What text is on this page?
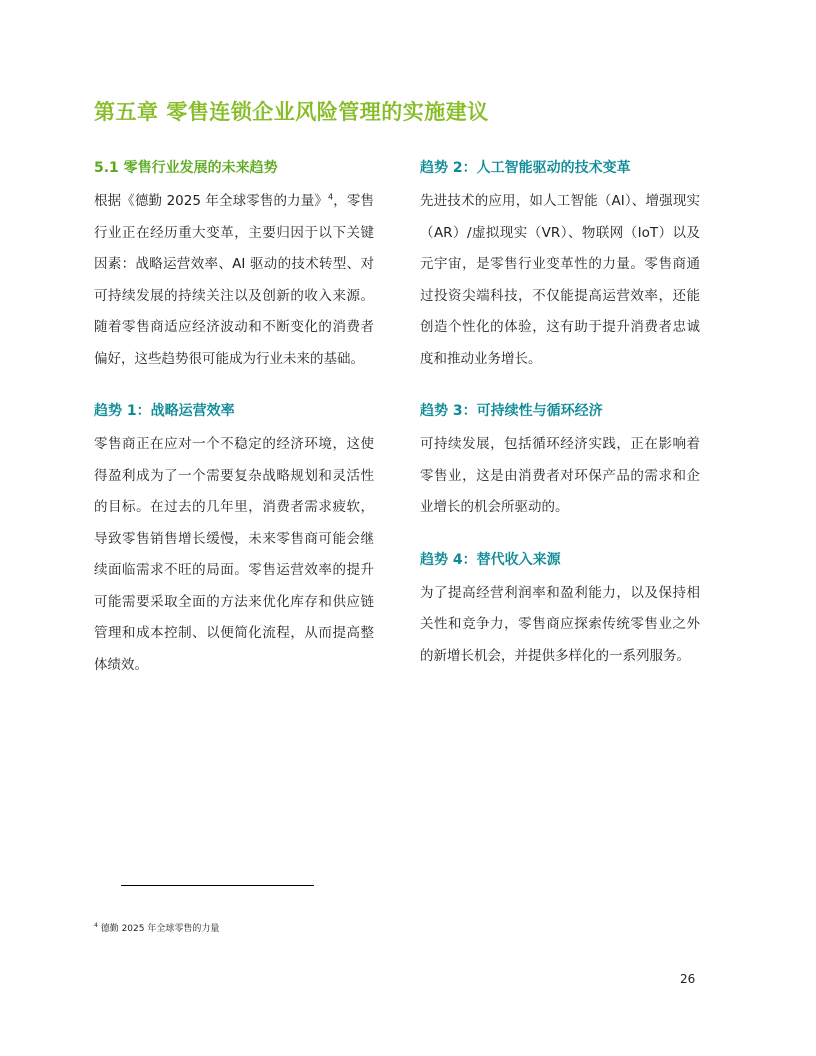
第五章 零售连锁企业风险管理的实施建议
5.1 零售行业发展的未来趋势
根据《德勤 2025 年全球零售的力量》$^4$，零售行业正在经历重大变革，主要归因于以下关键因素：战略运营效率、AI 驱动的技术转型、对可持续发展的持续关注以及创新的收入来源。随着零售商适应经济波动和不断变化的消费者偏好，这些趋势很可能成为行业未来的基础。
趋势 1：战略运营效率
零售商正在应对一个不稳定的经济环境，这使得盈利成为了一个需要复杂战略规划和灵活性的目标。在过去的几年里，消费者需求疲软，导致零售销售增长缓慢，未来零售商可能会继续面临需求不旺的局面。零售运营效率的提升可能需要采取全面的方法来优化库存和供应链管理和成本控制、以便简化流程，从而提高整体绩效。
趋势 2：人工智能驱动的技术变革
先进技术的应用，如人工智能（AI）、增强现实（AR）/虚拟现实（VR）、物联网（IoT）以及元宇宙，是零售行业变革性的力量。零售商通过投资尖端科技，不仅能提高运营效率，还能创造个性化的体验，这有助于提升消费者忠诚度和推动业务增长。
趋势 3：可持续性与循环经济
可持续发展，包括循环经济实践，正在影响着零售业，这是由消费者对环保产品的需求和企业增长的机会所驱动的。
趋势 4：替代收入来源
为了提高经营利润率和盈利能力，以及保持相关性和竞争力，零售商应探索传统零售业之外的新增长机会，并提供多样化的一系列服务。
$^4$ 德勤 2025 年全球零售的力量
26
